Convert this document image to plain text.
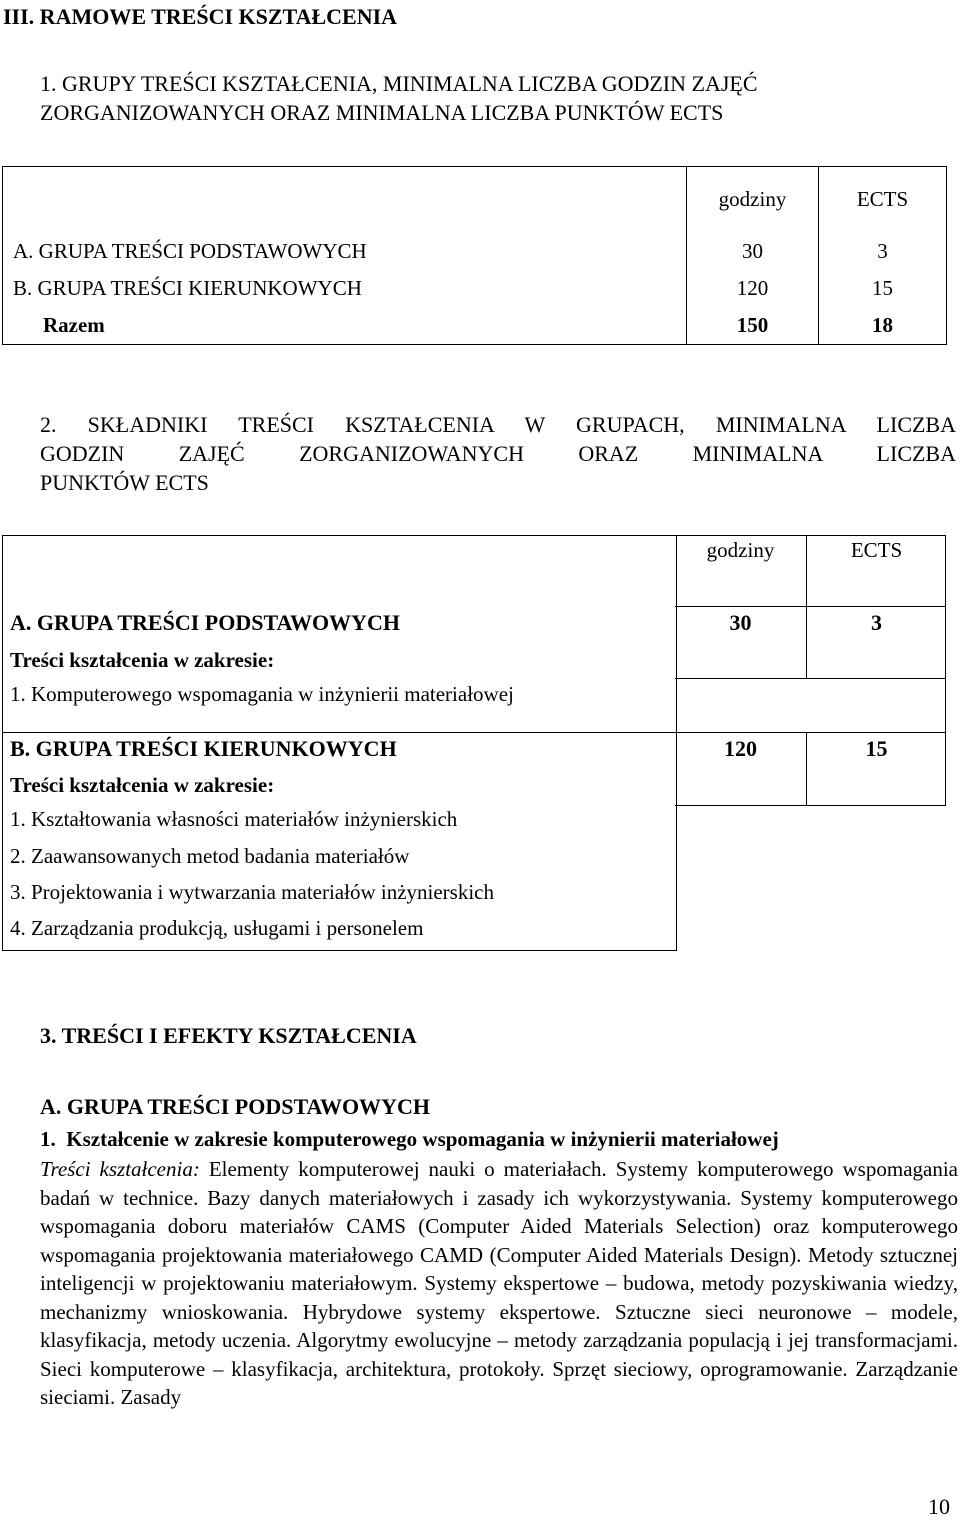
III. RAMOWE TREŚCI KSZTAŁCENIA
1. GRUPY TREŚCI KSZTAŁCENIA, MINIMALNA LICZBA GODZIN ZAJĘĆ
ZORGANIZOWANYCH ORAZ MINIMALNA LICZBA PUNKTÓW ECTS
	godziny	ECTS
A. GRUPA TREŚCI PODSTAWOWYCH	30	3
B. GRUPA TREŚCI KIERUNKOWYCH	120	15
Razem	150	18
2. SKŁADNIKI TREŚCI KSZTAŁCENIA W GRUPACH, MINIMALNA LICZBA
GODZIN ZAJĘĆ ZORGANIZOWANYCH ORAZ MINIMALNA LICZBA
PUNKTÓW ECTS
godziny	ECTS
A. GRUPA TREŚCI PODSTAWOWYCH
Treści kształcenia w zakresie:
1. Komputerowego wspomagania w inżynierii materiałowej
30	3
B. GRUPA TREŚCI KIERUNKOWYCH
Treści kształcenia w zakresie:
1. Kształtowania własności materiałów inżynierskich
2. Zaawansowanych metod badania materiałów
3. Projektowania i wytwarzania materiałów inżynierskich
4. Zarządzania produkcją, usługami i personelem
120	15
3. TREŚCI I EFEKTY KSZTAŁCENIA
A. GRUPA TREŚCI PODSTAWOWYCH
1. Kształcenie w zakresie komputerowego wspomagania w inżynierii materiałowej
Treści kształcenia: Elementy komputerowej nauki o materiałach. Systemy komputerowego wspomagania badań w technice. Bazy danych materiałowych i zasady ich wykorzystywania. Systemy komputerowego wspomagania doboru materiałów CAMS (Computer Aided Materials Selection) oraz komputerowego wspomagania projektowania materiałowego CAMD (Computer Aided Materials Design). Metody sztucznej inteligencji w projektowaniu materiałowym. Systemy ekspertowe – budowa, metody pozyskiwania wiedzy, mechanizmy wnioskowania. Hybrydowe systemy ekspertowe. Sztuczne sieci neuronowe – modele, klasyfikacja, metody uczenia. Algorytmy ewolucyjne – metody zarządzania populacją i jej transformacjami. Sieci komputerowe – klasyfikacja, architektura, protokoły. Sprzęt sieciowy, oprogramowanie. Zarządzanie sieciami. Zasady
10
